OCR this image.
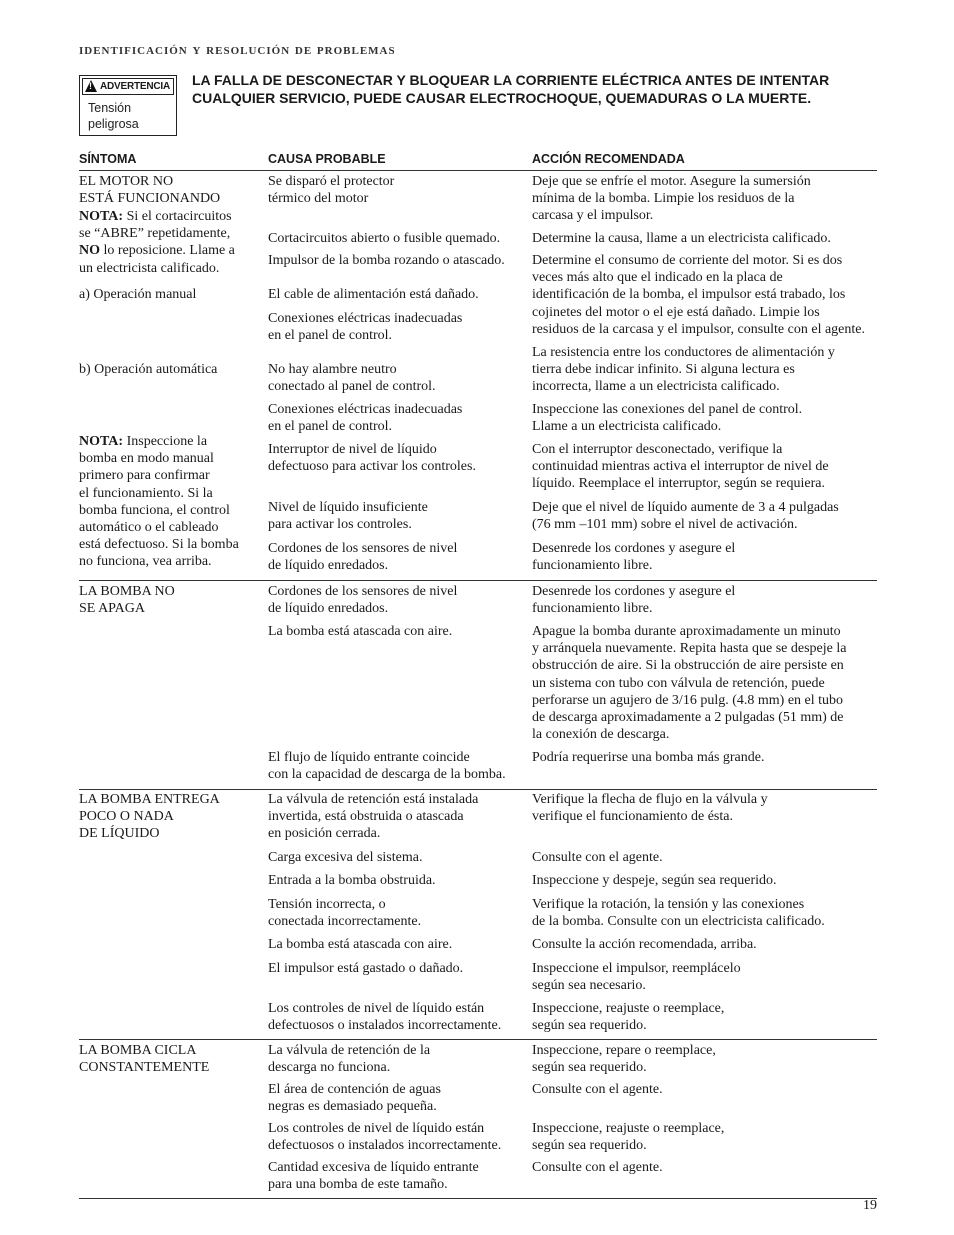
identificación y resolución de problemas
! ADVERTENCIA
Tensión
peligrosa
LA FALLA DE DESCONECTAR Y BLOQUEAR LA CORRIENTE ELÉCTRICA ANTES DE INTENTAR CUALQUIER SERVICIO, PUEDE CAUSAR ELECTROCHOQUE, QUEMADURAS O LA MUERTE.
SÍNTOMA	CAUSA PROBABLE	ACCIÓN RECOMENDADA
EL MOTOR NO
ESTÁ FUNCIONANDO
NOTA: Si el cortacircuitos
se “ABRE” repetidamente,
NO lo reposicione. Llame a
un electricista calificado.
a) Operación manual
b) Operación automática
NOTA: Inspeccione la
bomba en modo manual
primero para confirmar
el funcionamiento. Si la
bomba funciona, el control
automático o el cableado
está defectuoso. Si la bomba
no funciona, vea arriba.
Se disparó el protector
térmico del motor
Cortacircuitos abierto o fusible quemado.
Impulsor de la bomba rozando o atascado.
El cable de alimentación está dañado.
Conexiones eléctricas inadecuadas
en el panel de control.
No hay alambre neutro
conectado al panel de control.
Conexiones eléctricas inadecuadas
en el panel de control.
Interruptor de nivel de líquido
defectuoso para activar los controles.
Nivel de líquido insuficiente
para activar los controles.
Cordones de los sensores de nivel
de líquido enredados.
Deje que se enfríe el motor. Asegure la sumersión
mínima de la bomba. Limpie los residuos de la
carcasa y el impulsor.
Determine la causa, llame a un electricista calificado.
Determine el consumo de corriente del motor. Si es dos
veces más alto que el indicado en la placa de
identificación de la bomba, el impulsor está trabado, los
cojinetes del motor o el eje está dañado. Limpie los
residuos de la carcasa y el impulsor, consulte con el agente.
La resistencia entre los conductores de alimentación y
tierra debe indicar infinito. Si alguna lectura es
incorrecta, llame a un electricista calificado.
Inspeccione las conexiones del panel de control.
Llame a un electricista calificado.
Con el interruptor desconectado, verifique la
continuidad mientras activa el interruptor de nivel de
líquido. Reemplace el interruptor, según se requiera.
Deje que el nivel de líquido aumente de 3 a 4 pulgadas
(76 mm –101 mm) sobre el nivel de activación.
Desenrede los cordones y asegure el
funcionamiento libre.
LA BOMBA NO
SE APAGA
Cordones de los sensores de nivel
de líquido enredados.
La bomba está atascada con aire.
El flujo de líquido entrante coincide
con la capacidad de descarga de la bomba.
Desenrede los cordones y asegure el
funcionamiento libre.
Apague la bomba durante aproximadamente un minuto
y arránquela nuevamente. Repita hasta que se despeje la
obstrucción de aire. Si la obstrucción de aire persiste en
un sistema con tubo con válvula de retención, puede
perforarse un agujero de 3/16 pulg. (4.8 mm) en el tubo
de descarga aproximadamente a 2 pulgadas (51 mm) de
la conexión de descarga.
Podría requerirse una bomba más grande.
LA BOMBA ENTREGA
POCO O NADA
DE LÍQUIDO
La válvula de retención está instalada
invertida, está obstruida o atascada
en posición cerrada.
Carga excesiva del sistema.
Entrada a la bomba obstruida.
Tensión incorrecta, o
conectada incorrectamente.
La bomba está atascada con aire.
El impulsor está gastado o dañado.
Los controles de nivel de líquido están
defectuosos o instalados incorrectamente.
Verifique la flecha de flujo en la válvula y
verifique el funcionamiento de ésta.
Consulte con el agente.
Inspeccione y despeje, según sea requerido.
Verifique la rotación, la tensión y las conexiones
de la bomba. Consulte con un electricista calificado.
Consulte la acción recomendada, arriba.
Inspeccione el impulsor, reemplácelo
según sea necesario.
Inspeccione, reajuste o reemplace,
según sea requerido.
LA BOMBA CICLA
CONSTANTEMENTE
La válvula de retención de la
descarga no funciona.
El área de contención de aguas
negras es demasiado pequeña.
Los controles de nivel de líquido están
defectuosos o instalados incorrectamente.
Cantidad excesiva de líquido entrante
para una bomba de este tamaño.
Inspeccione, repare o reemplace,
según sea requerido.
Consulte con el agente.
Inspeccione, reajuste o reemplace,
según sea requerido.
Consulte con el agente.
19
